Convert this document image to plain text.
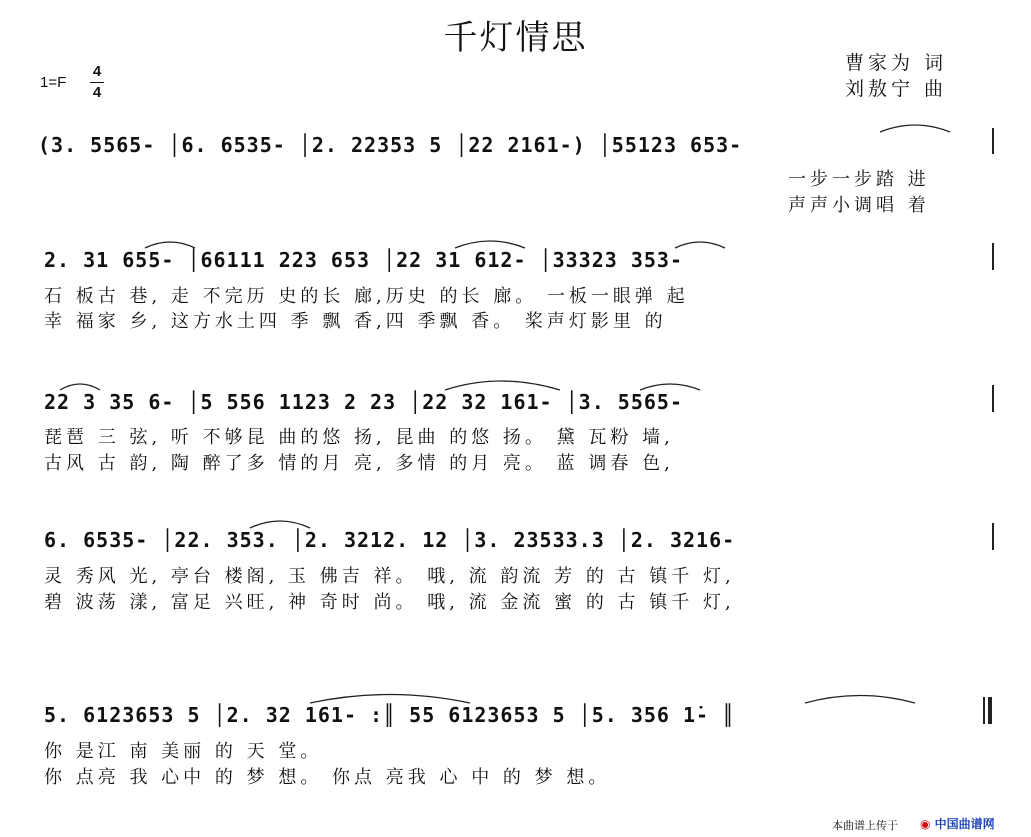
千灯情思
曹家为 词
刘敖宁 曲
1=F
4
4
(3. 5565- │6. 6535- │2. 22353 5 │22 2161-) │55123 653-
一步一步踏 进
声声小调唱 着
2. 31 655- │66111 223 653 │22 31 612- │33323 353-
石 板古 巷, 走 不完历 史的长 廊,历史 的长 廊。 一板一眼弹 起
幸 福家 乡, 这方水土四 季 飘 香,四 季飘 香。 桨声灯影里 的
22 3 35 6- │5 556 1123 2 23 │22 32 161- │3. 5565-
琵琶 三 弦, 听 不够昆 曲的悠 扬, 昆曲 的悠 扬。 黛 瓦粉 墙,
古风 古 韵, 陶 醉了多 情的月 亮, 多情 的月 亮。 蓝 调春 色,
6. 6535- │22. 353. │2. 3212. 12 │3. 23533.3 │2. 3216-
灵 秀风 光, 亭台 楼阁, 玉 佛吉 祥。 哦, 流 韵流 芳 的 古 镇千 灯,
碧 波荡 漾, 富足 兴旺, 神 奇时 尚。 哦, 流 金流 蜜 的 古 镇千 灯,
5. 6123653 5 │2. 32 161- :║ 55 6123653 5 │5. 356 1̇- ║
你 是江 南 美丽 的 天 堂。
你 点亮 我 心中 的 梦 想。 你点 亮我 心 中 的 梦 想。
本曲谱上传于 ◉ 中国曲谱网
